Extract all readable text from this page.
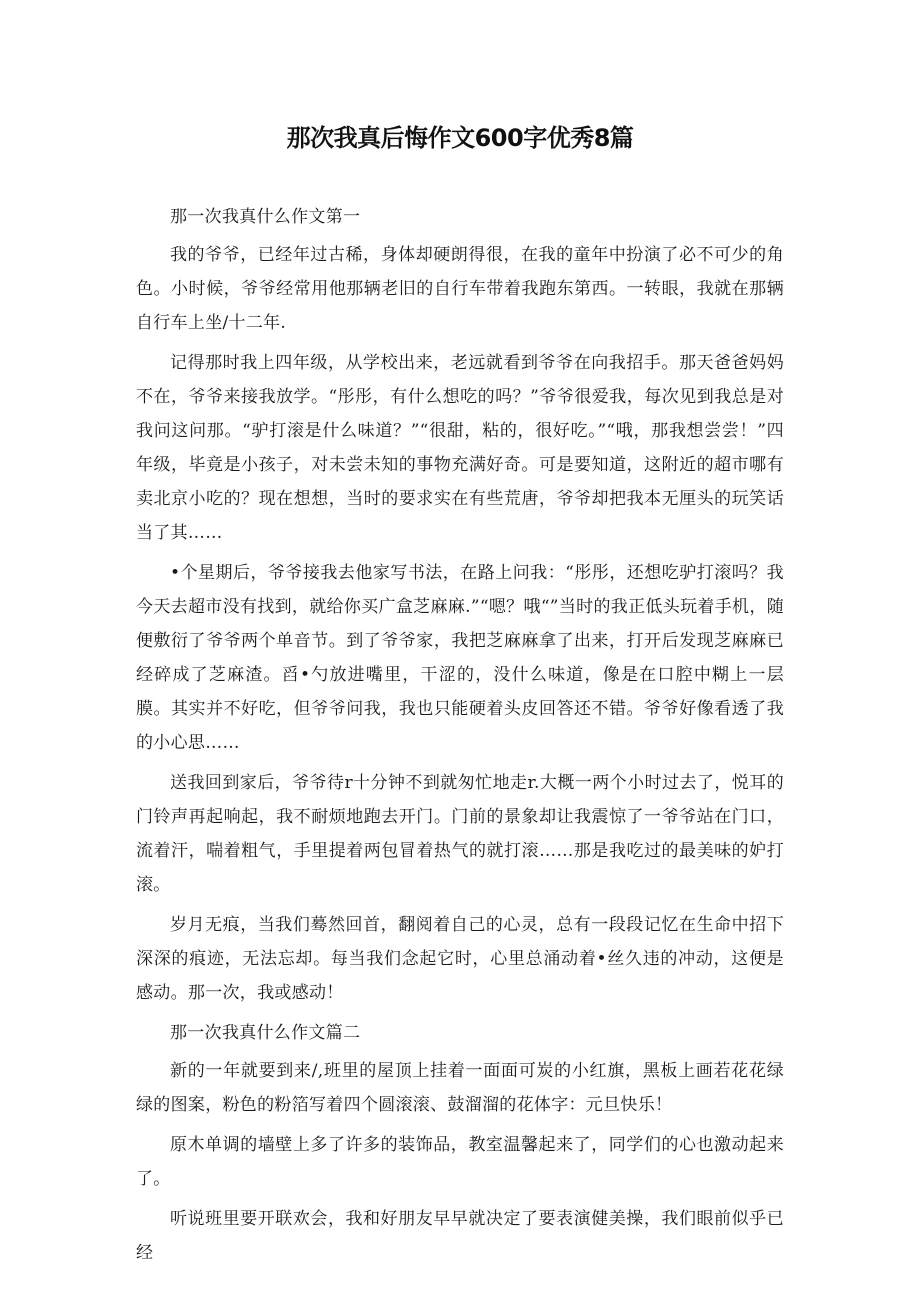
那次我真后悔作文600字优秀8篇

那一次我真什么作文第一

我的爷爷，已经年过古稀，身体却硬朗得很，在我的童年中扮演了必不可少的角色。小时候，爷爷经常用他那辆老旧的自行车带着我跑东第西。一转眼，我就在那辆自行车上坐/十二年.

记得那时我上四年级，从学校出来，老远就看到爷爷在向我招手。那天爸爸妈妈不在，爷爷来接我放学。“彤彤，有什么想吃的吗？”爷爷很爱我，每次见到我总是对我问这问那。“驴打滚是什么味道？”“很甜，粘的，很好吃。”“哦，那我想尝尝！”四年级，毕竟是小孩子，对未尝未知的事物充满好奇。可是要知道，这附近的超市哪有卖北京小吃的？现在想想，当时的要求实在有些荒唐，爷爷却把我本无厘头的玩笑话当了其……

•个星期后，爷爷接我去他家写书法，在路上问我：“彤彤，还想吃驴打滚吗？我今天去超市没有找到，就给你买广盒芝麻麻.”“嗯？哦“”当时的我正低头玩着手机，随便敷衍了爷爷两个单音节。到了爷爷家，我把芝麻麻拿了出来，打开后发现芝麻麻已经碎成了芝麻渣。舀•勺放进嘴里，干涩的，没什么味道，像是在口腔中糊上一层膜。其实并不好吃，但爷爷问我，我也只能硬着头皮回答还不错。爷爷好像看透了我的小心思……

送我回到家后，爷爷待r十分钟不到就匆忙地走r.大概一两个小时过去了，悦耳的门铃声再起响起，我不耐烦地跑去开门。门前的景象却让我震惊了一爷爷站在门口，流着汗，喘着粗气，手里提着两包冒着热气的就打滚……那是我吃过的最美味的妒打滚。

岁月无痕，当我们蓦然回首，翻阅着自己的心灵，总有一段段记忆在生命中招下深深的痕迹，无法忘却。每当我们念起它时，心里总涌动着•丝久违的冲动，这便是感动。那一次，我或感动！

那一次我真什么作文篇二

新的一年就要到来/,班里的屋顶上挂着一面面可炭的小红旗，黑板上画若花花绿绿的图案，粉色的粉箔写着四个圆滚滚、鼓溜溜的花体字：元旦快乐！

原木单调的墙壁上多了许多的装饰品，教室温馨起来了，同学们的心也激动起来了。

听说班里要开联欢会，我和好朋友早早就决定了要表演健美操，我们眼前似乎已经
